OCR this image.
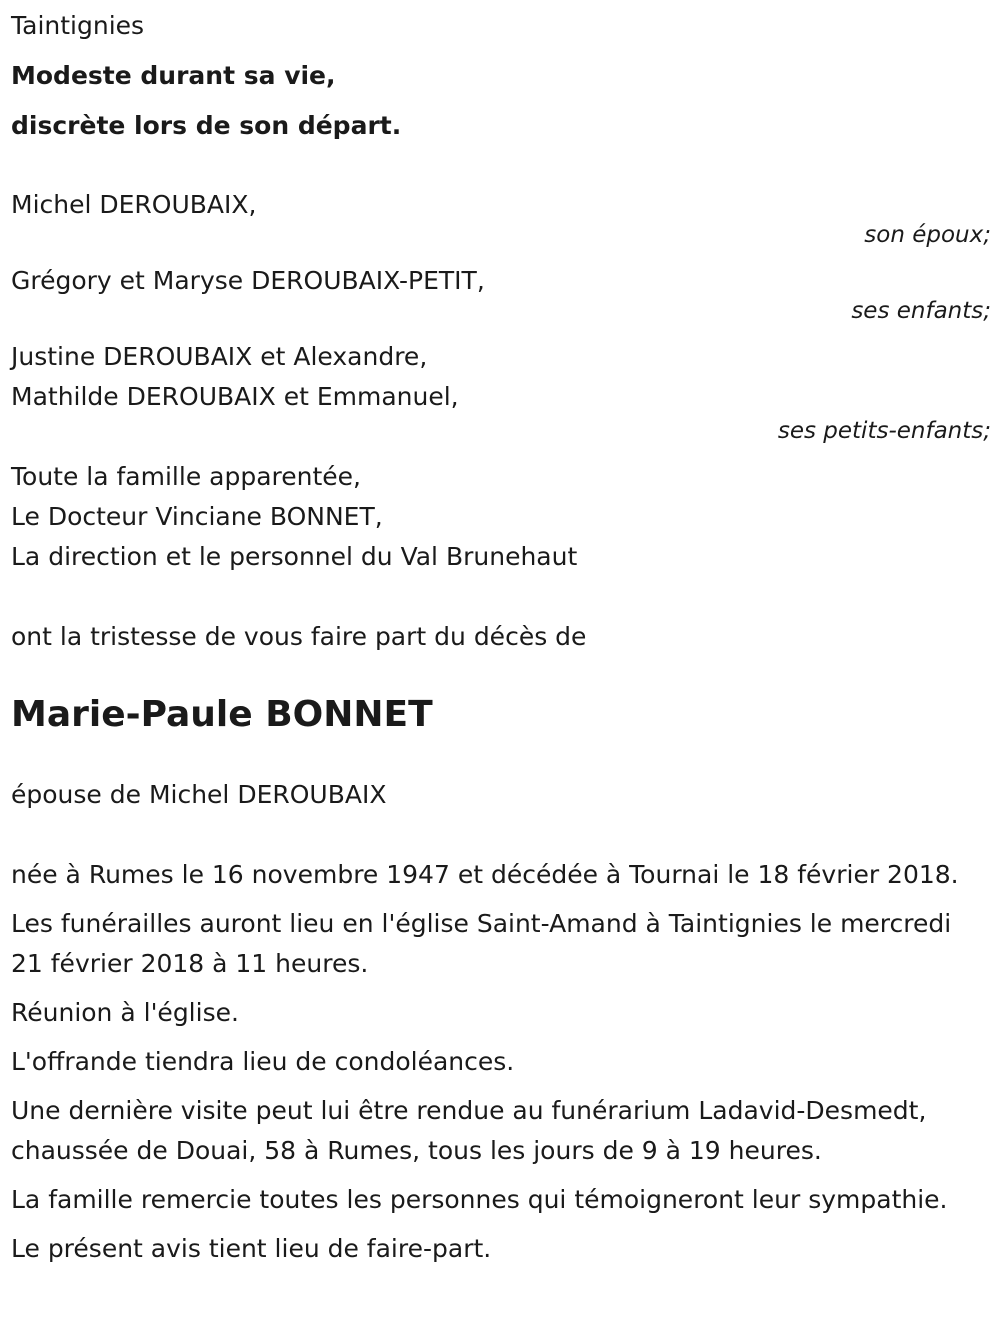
Taintignies

Modeste durant sa vie,

discrète lors de son départ.

Michel DEROUBAIX,

son époux;

Grégory et Maryse DEROUBAIX-PETIT,

ses enfants;

Justine DEROUBAIX et Alexandre,

Mathilde DEROUBAIX et Emmanuel,

ses petits-enfants;

Toute la famille apparentée,

Le Docteur Vinciane BONNET,

La direction et le personnel du Val Brunehaut

ont la tristesse de vous faire part du décès de

Marie-Paule BONNET

épouse de Michel DEROUBAIX

née à Rumes le 16 novembre 1947 et décédée à Tournai le 18 février 2018.

Les funérailles auront lieu en l'église Saint-Amand à Taintignies le mercredi 21 février 2018 à 11 heures.

Réunion à l'église.

L'offrande tiendra lieu de condoléances.

Une dernière visite peut lui être rendue au funérarium Ladavid-Desmedt, chaussée de Douai, 58 à Rumes, tous les jours de 9 à 19 heures.

La famille remercie toutes les personnes qui témoigneront leur sympathie.

Le présent avis tient lieu de faire-part.
